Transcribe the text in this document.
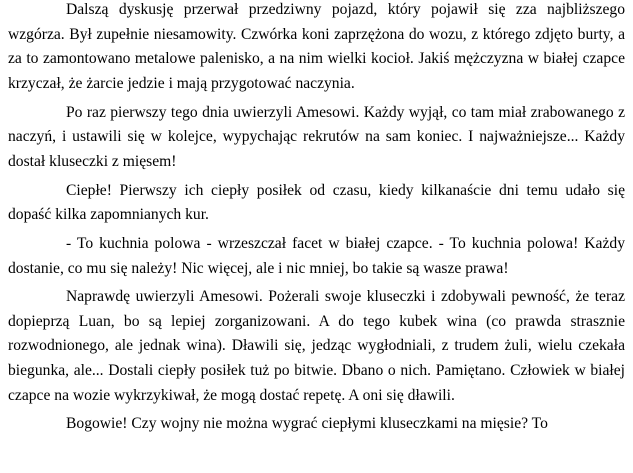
Dalszą dyskusję przerwał przedziwny pojazd, który pojawił się zza najbliższego wzgórza. Był zupełnie niesamowity. Czwórka koni zaprzężona do wozu, z którego zdjęto burty, a za to zamontowano metalowe palenisko, a na nim wielki kocioł. Jakiś mężczyzna w białej czapce krzyczał, że żarcie jedzie i mają przygotować naczynia.

Po raz pierwszy tego dnia uwierzyli Amesowi. Każdy wyjął, co tam miał zrabowanego z naczyń, i ustawili się w kolejce, wypychając rekrutów na sam koniec. I najważniejsze... Każdy dostał kluseczki z mięsem!

Ciepłe! Pierwszy ich ciepły posiłek od czasu, kiedy kilkanaście dni temu udało się dopaść kilka zapomnianych kur.

- To kuchnia polowa - wrzeszczał facet w białej czapce. - To kuchnia polowa! Każdy dostanie, co mu się należy! Nic więcej, ale i nic mniej, bo takie są wasze prawa!

Naprawdę uwierzyli Amesowi. Pożerali swoje kluseczki i zdobywali pewność, że teraz dopieprzą Luan, bo są lepiej zorganizowani. A do tego kubek wina (co prawda strasznie rozwodnionego, ale jednak wina). Dławili się, jedząc wygłodniali, z trudem żuli, wielu czekała biegunka, ale... Dostali ciepły posiłek tuż po bitwie. Dbano o nich. Pamiętano. Człowiek w białej czapce na wozie wykrzykiwał, że mogą dostać repetę. A oni się dławili.

Bogowie! Czy wojny nie można wygrać ciepłymi kluseczkami na mięsie? To
